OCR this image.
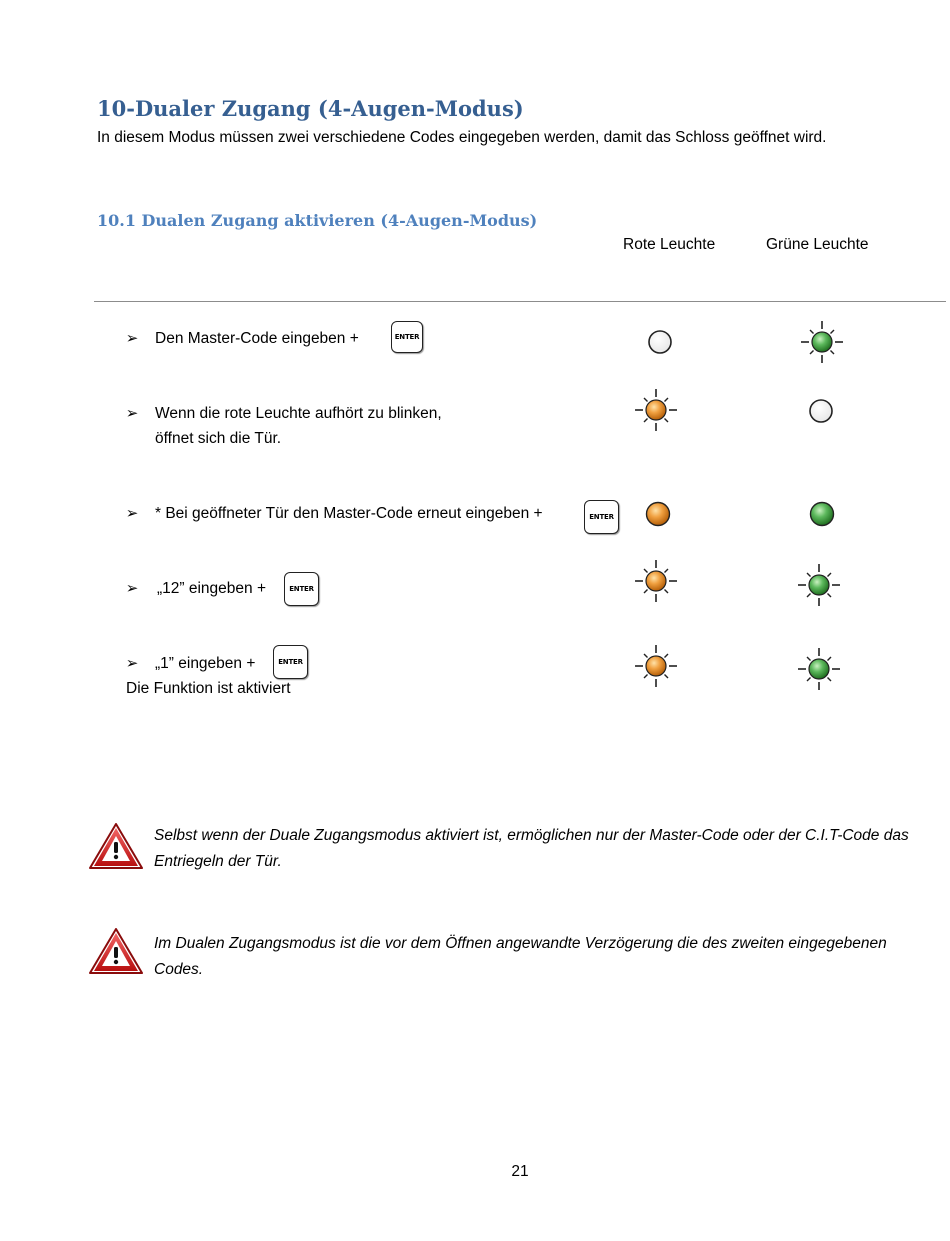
10-Dualer Zugang (4-Augen-Modus)
In diesem Modus müssen zwei verschiedene Codes eingegeben werden, damit das Schloss geöffnet wird.
10.1 Dualen Zugang aktivieren (4-Augen-Modus)
Rote Leuchte	Grüne Leuchte
➢ Den Master-Code eingeben +	ENTER
➢ Wenn die rote Leuchte aufhört zu blinken,
öffnet sich die Tür.
➢ * Bei geöffneter Tür den Master-Code erneut eingeben +	ENTER
➢ „12” eingeben +	ENTER
➢ „1” eingeben +	ENTER
Die Funktion ist aktiviert
Selbst wenn der Duale Zugangsmodus aktiviert ist, ermöglichen nur der Master-Code oder der C.I.T-Code das
Entriegeln der Tür.
Im Dualen Zugangsmodus ist die vor dem Öffnen angewandte Verzögerung die des zweiten eingegebenen
Codes.
21
